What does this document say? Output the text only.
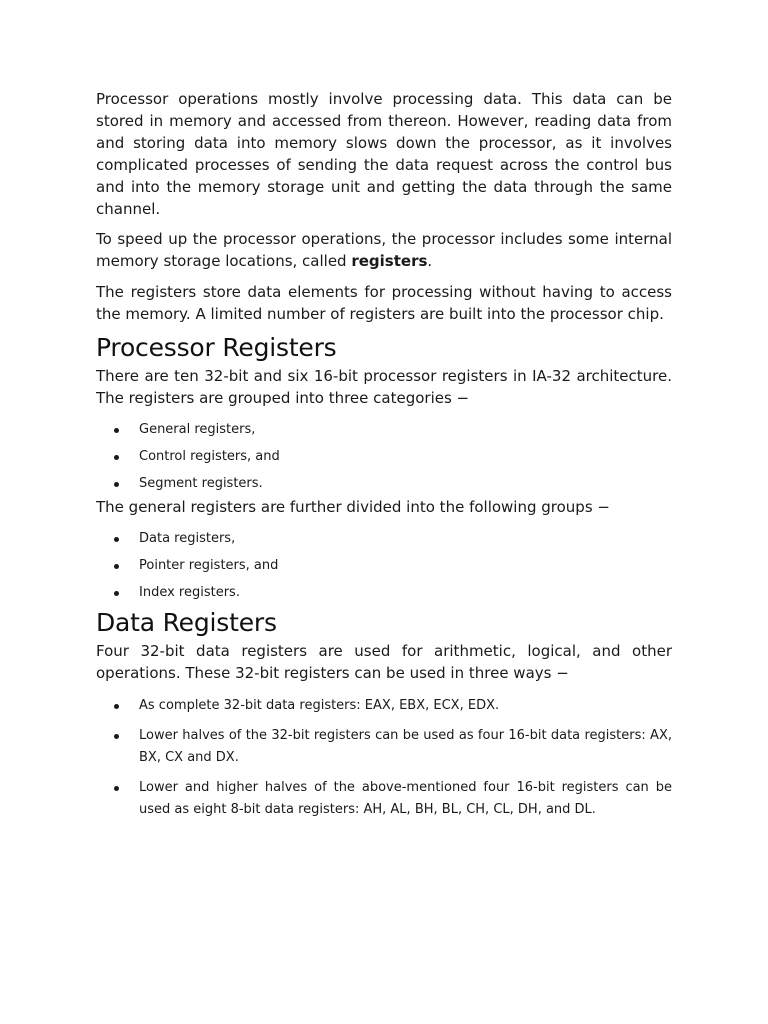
Processor operations mostly involve processing data. This data can be stored in memory and accessed from thereon. However, reading data from and storing data into memory slows down the processor, as it involves complicated processes of sending the data request across the control bus and into the memory storage unit and getting the data through the same channel.

To speed up the processor operations, the processor includes some internal memory storage locations, called registers.

The registers store data elements for processing without having to access the memory. A limited number of registers are built into the processor chip.

Processor Registers

There are ten 32-bit and six 16-bit processor registers in IA-32 architecture. The registers are grouped into three categories −

General registers,
Control registers, and
Segment registers.

The general registers are further divided into the following groups −

Data registers,
Pointer registers, and
Index registers.
Data Registers

Four 32-bit data registers are used for arithmetic, logical, and other operations. These 32-bit registers can be used in three ways −

As complete 32-bit data registers: EAX, EBX, ECX, EDX.
Lower halves of the 32-bit registers can be used as four 16-bit data registers: AX, BX, CX and DX.
Lower and higher halves of the above-mentioned four 16-bit registers can be used as eight 8-bit data registers: AH, AL, BH, BL, CH, CL, DH, and DL.
